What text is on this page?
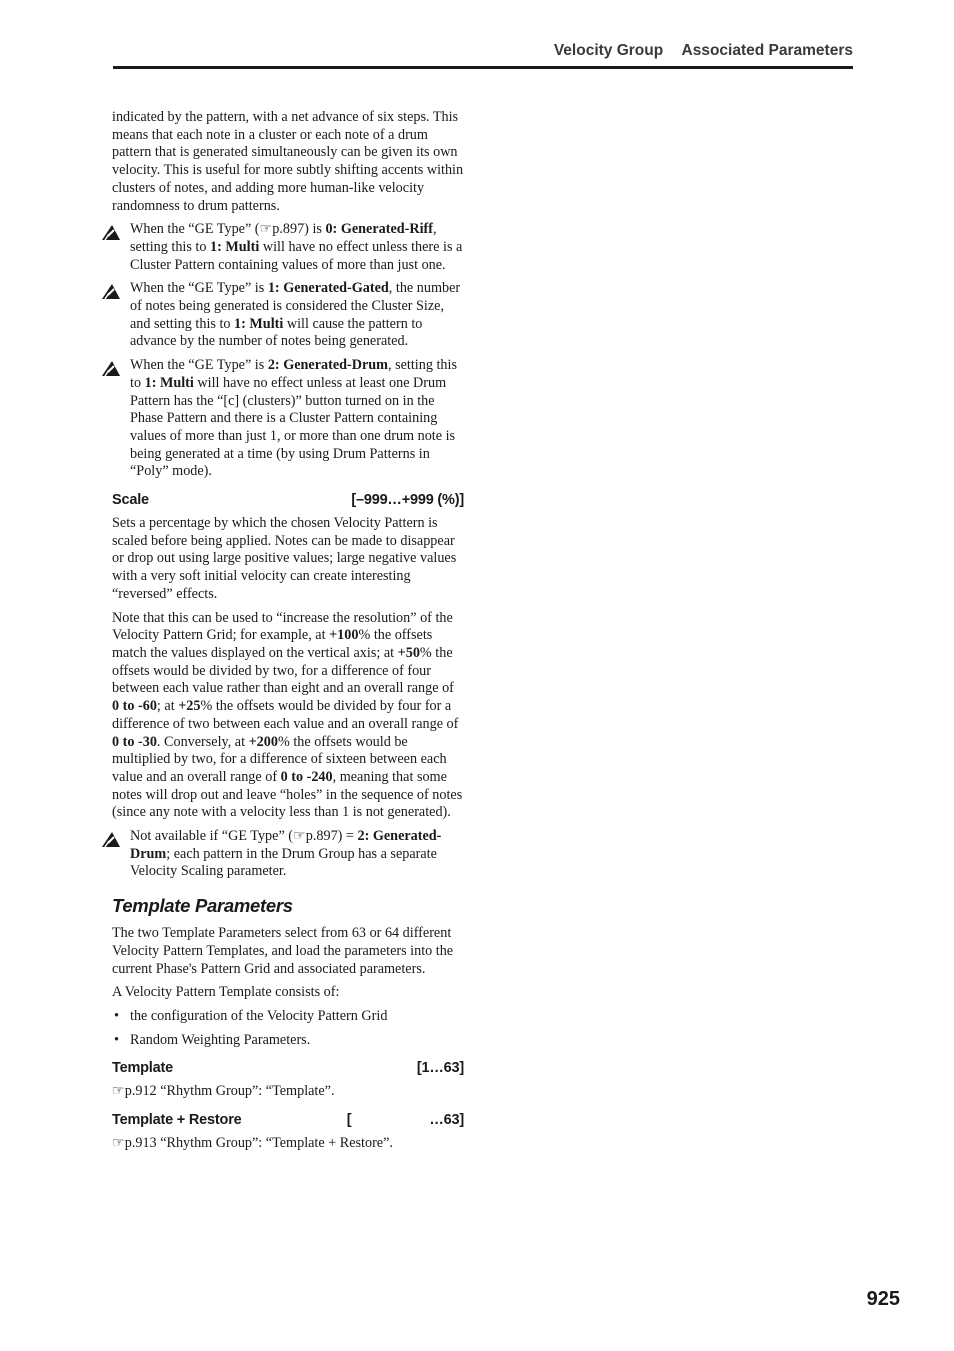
Velocity Group Associated Parameters

indicated by the pattern, with a net advance of six steps. This means that each note in a cluster or each note of a drum pattern that is generated simultaneously can be given its own velocity. This is useful for more subtly shifting accents within clusters of notes, and adding more human-like velocity randomness to drum patterns.

When the “GE Type” (☞p.897) is 0: Generated-Riff, setting this to 1: Multi will have no effect unless there is a Cluster Pattern containing values of more than just one.
When the “GE Type” is 1: Generated-Gated, the number of notes being generated is considered the Cluster Size, and setting this to 1: Multi will cause the pattern to advance by the number of notes being generated.
When the “GE Type” is 2: Generated-Drum, setting this to 1: Multi will have no effect unless at least one Drum Pattern has the “[c] (clusters)” button turned on in the Phase Pattern and there is a Cluster Pattern containing values of more than just 1, or more than one drum note is being generated at a time (by using Drum Patterns in “Poly” mode).
Scale	[–999…+999 (%)]

Sets a percentage by which the chosen Velocity Pattern is scaled before being applied. Notes can be made to disappear or drop out using large positive values; large negative values with a very soft initial velocity can create interesting “reversed” effects.

Note that this can be used to “increase the resolution” of the Velocity Pattern Grid; for example, at +100% the offsets match the values displayed on the vertical axis; at +50% the offsets would be divided by two, for a difference of four between each value rather than eight and an overall range of 0 to -60; at +25% the offsets would be divided by four for a difference of two between each value and an overall range of 0 to -30. Conversely, at +200% the offsets would be multiplied by two, for a difference of sixteen between each value and an overall range of 0 to -240, meaning that some notes will drop out and leave “holes” in the sequence of notes (since any note with a velocity less than 1 is not generated).

Not available if “GE Type” (☞p.897) = 2: Generated-Drum; each pattern in the Drum Group has a separate Velocity Scaling parameter.
Template Parameters

The two Template Parameters select from 63 or 64 different Velocity Pattern Templates, and load the parameters into the current Phase's Pattern Grid and associated parameters.

A Velocity Pattern Template consists of:

• the configuration of the Velocity Pattern Grid
• Random Weighting Parameters.
Template	[1…63]

☞p.912 “Rhythm Group”: “Template”.

Template + Restore	[	…63]

☞p.913 “Rhythm Group”: “Template + Restore”.

925
